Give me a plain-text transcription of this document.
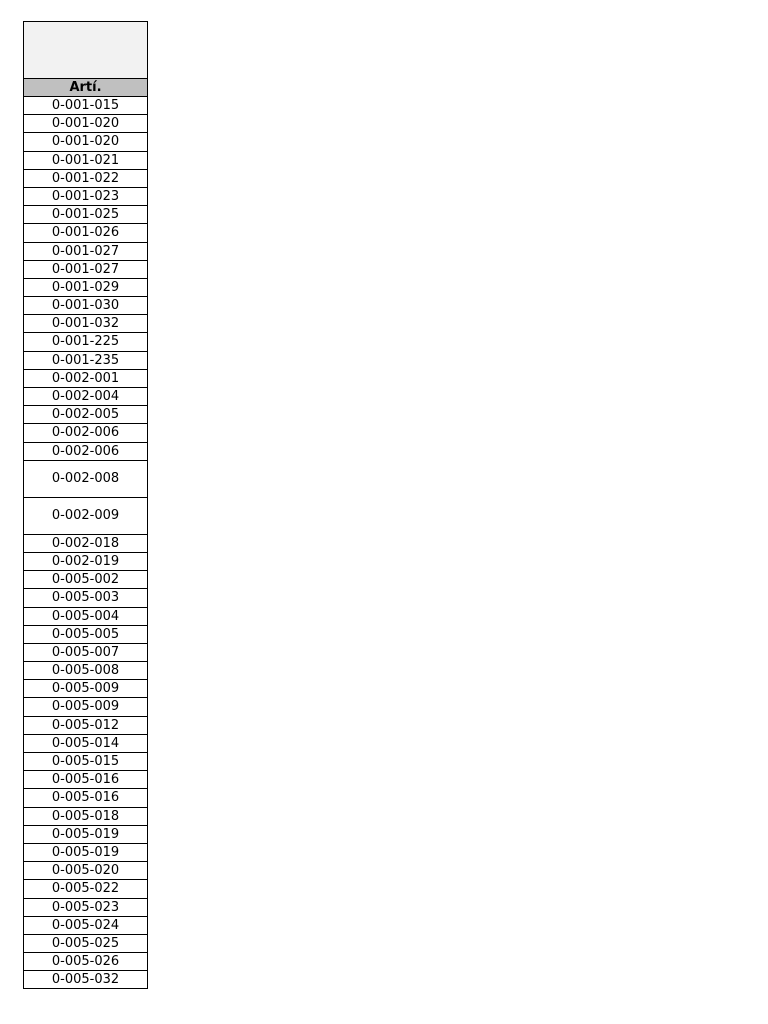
Artí.
0-001-015
0-001-020
0-001-020
0-001-021
0-001-022
0-001-023
0-001-025
0-001-026
0-001-027
0-001-027
0-001-029
0-001-030
0-001-032
0-001-225
0-001-235
0-002-001
0-002-004
0-002-005
0-002-006
0-002-006
0-002-008
0-002-009
0-002-018
0-002-019
0-005-002
0-005-003
0-005-004
0-005-005
0-005-007
0-005-008
0-005-009
0-005-009
0-005-012
0-005-014
0-005-015
0-005-016
0-005-016
0-005-018
0-005-019
0-005-019
0-005-020
0-005-022
0-005-023
0-005-024
0-005-025
0-005-026
0-005-032
